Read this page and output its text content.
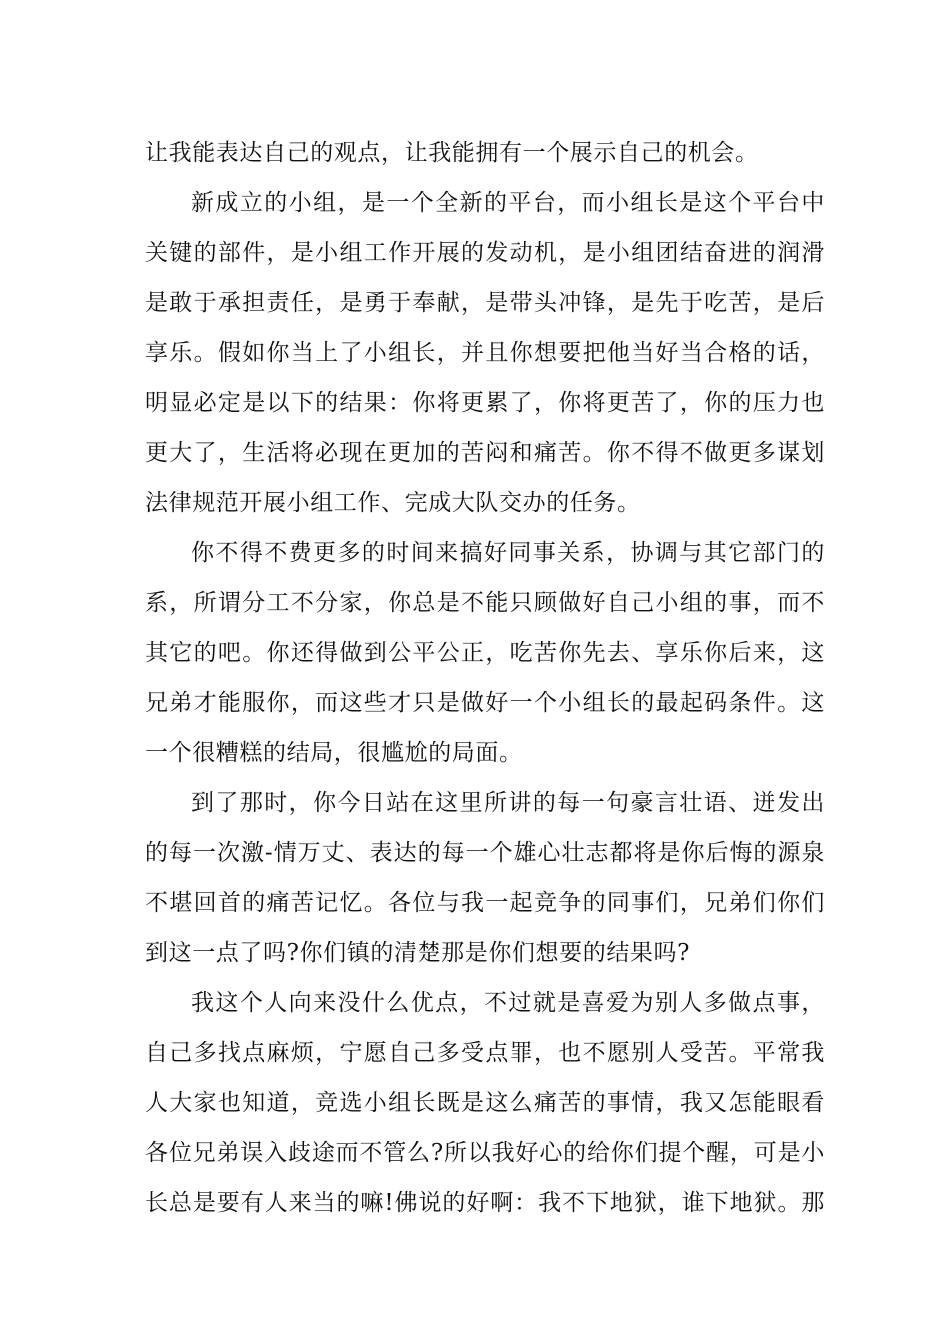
让我能表达自己的观点，让我能拥有一个展示自己的机会。
新成立的小组，是一个全新的平台，而小组长是这个平台中
关键的部件，是小组工作开展的发动机，是小组团结奋进的润滑
是敢于承担责任，是勇于奉献，是带头冲锋，是先于吃苦，是后
享乐。假如你当上了小组长，并且你想要把他当好当合格的话，
明显必定是以下的结果：你将更累了，你将更苦了，你的压力也
更大了，生活将必现在更加的苦闷和痛苦。你不得不做更多谋划
法律规范开展小组工作、完成大队交办的任务。
你不得不费更多的时间来搞好同事关系，协调与其它部门的
系，所谓分工不分家，你总是不能只顾做好自己小组的事，而不
其它的吧。你还得做到公平公正，吃苦你先去、享乐你后来，这
兄弟才能服你，而这些才只是做好一个小组长的最起码条件。这
一个很糟糕的结局，很尴尬的局面。
到了那时，你今日站在这里所讲的每一句豪言壮语、迸发出
的每一次激-情万丈、表达的每一个雄心壮志都将是你后悔的源泉
不堪回首的痛苦记忆。各位与我一起竞争的同事们，兄弟们你们
到这一点了吗?你们镇的清楚那是你们想要的结果吗?
我这个人向来没什么优点，不过就是喜爱为别人多做点事，
自己多找点麻烦，宁愿自己多受点罪，也不愿别人受苦。平常我
人大家也知道，竞选小组长既是这么痛苦的事情，我又怎能眼看
各位兄弟误入歧途而不管么?所以我好心的给你们提个醒，可是小
长总是要有人来当的嘛!佛说的好啊：我不下地狱，谁下地狱。那
